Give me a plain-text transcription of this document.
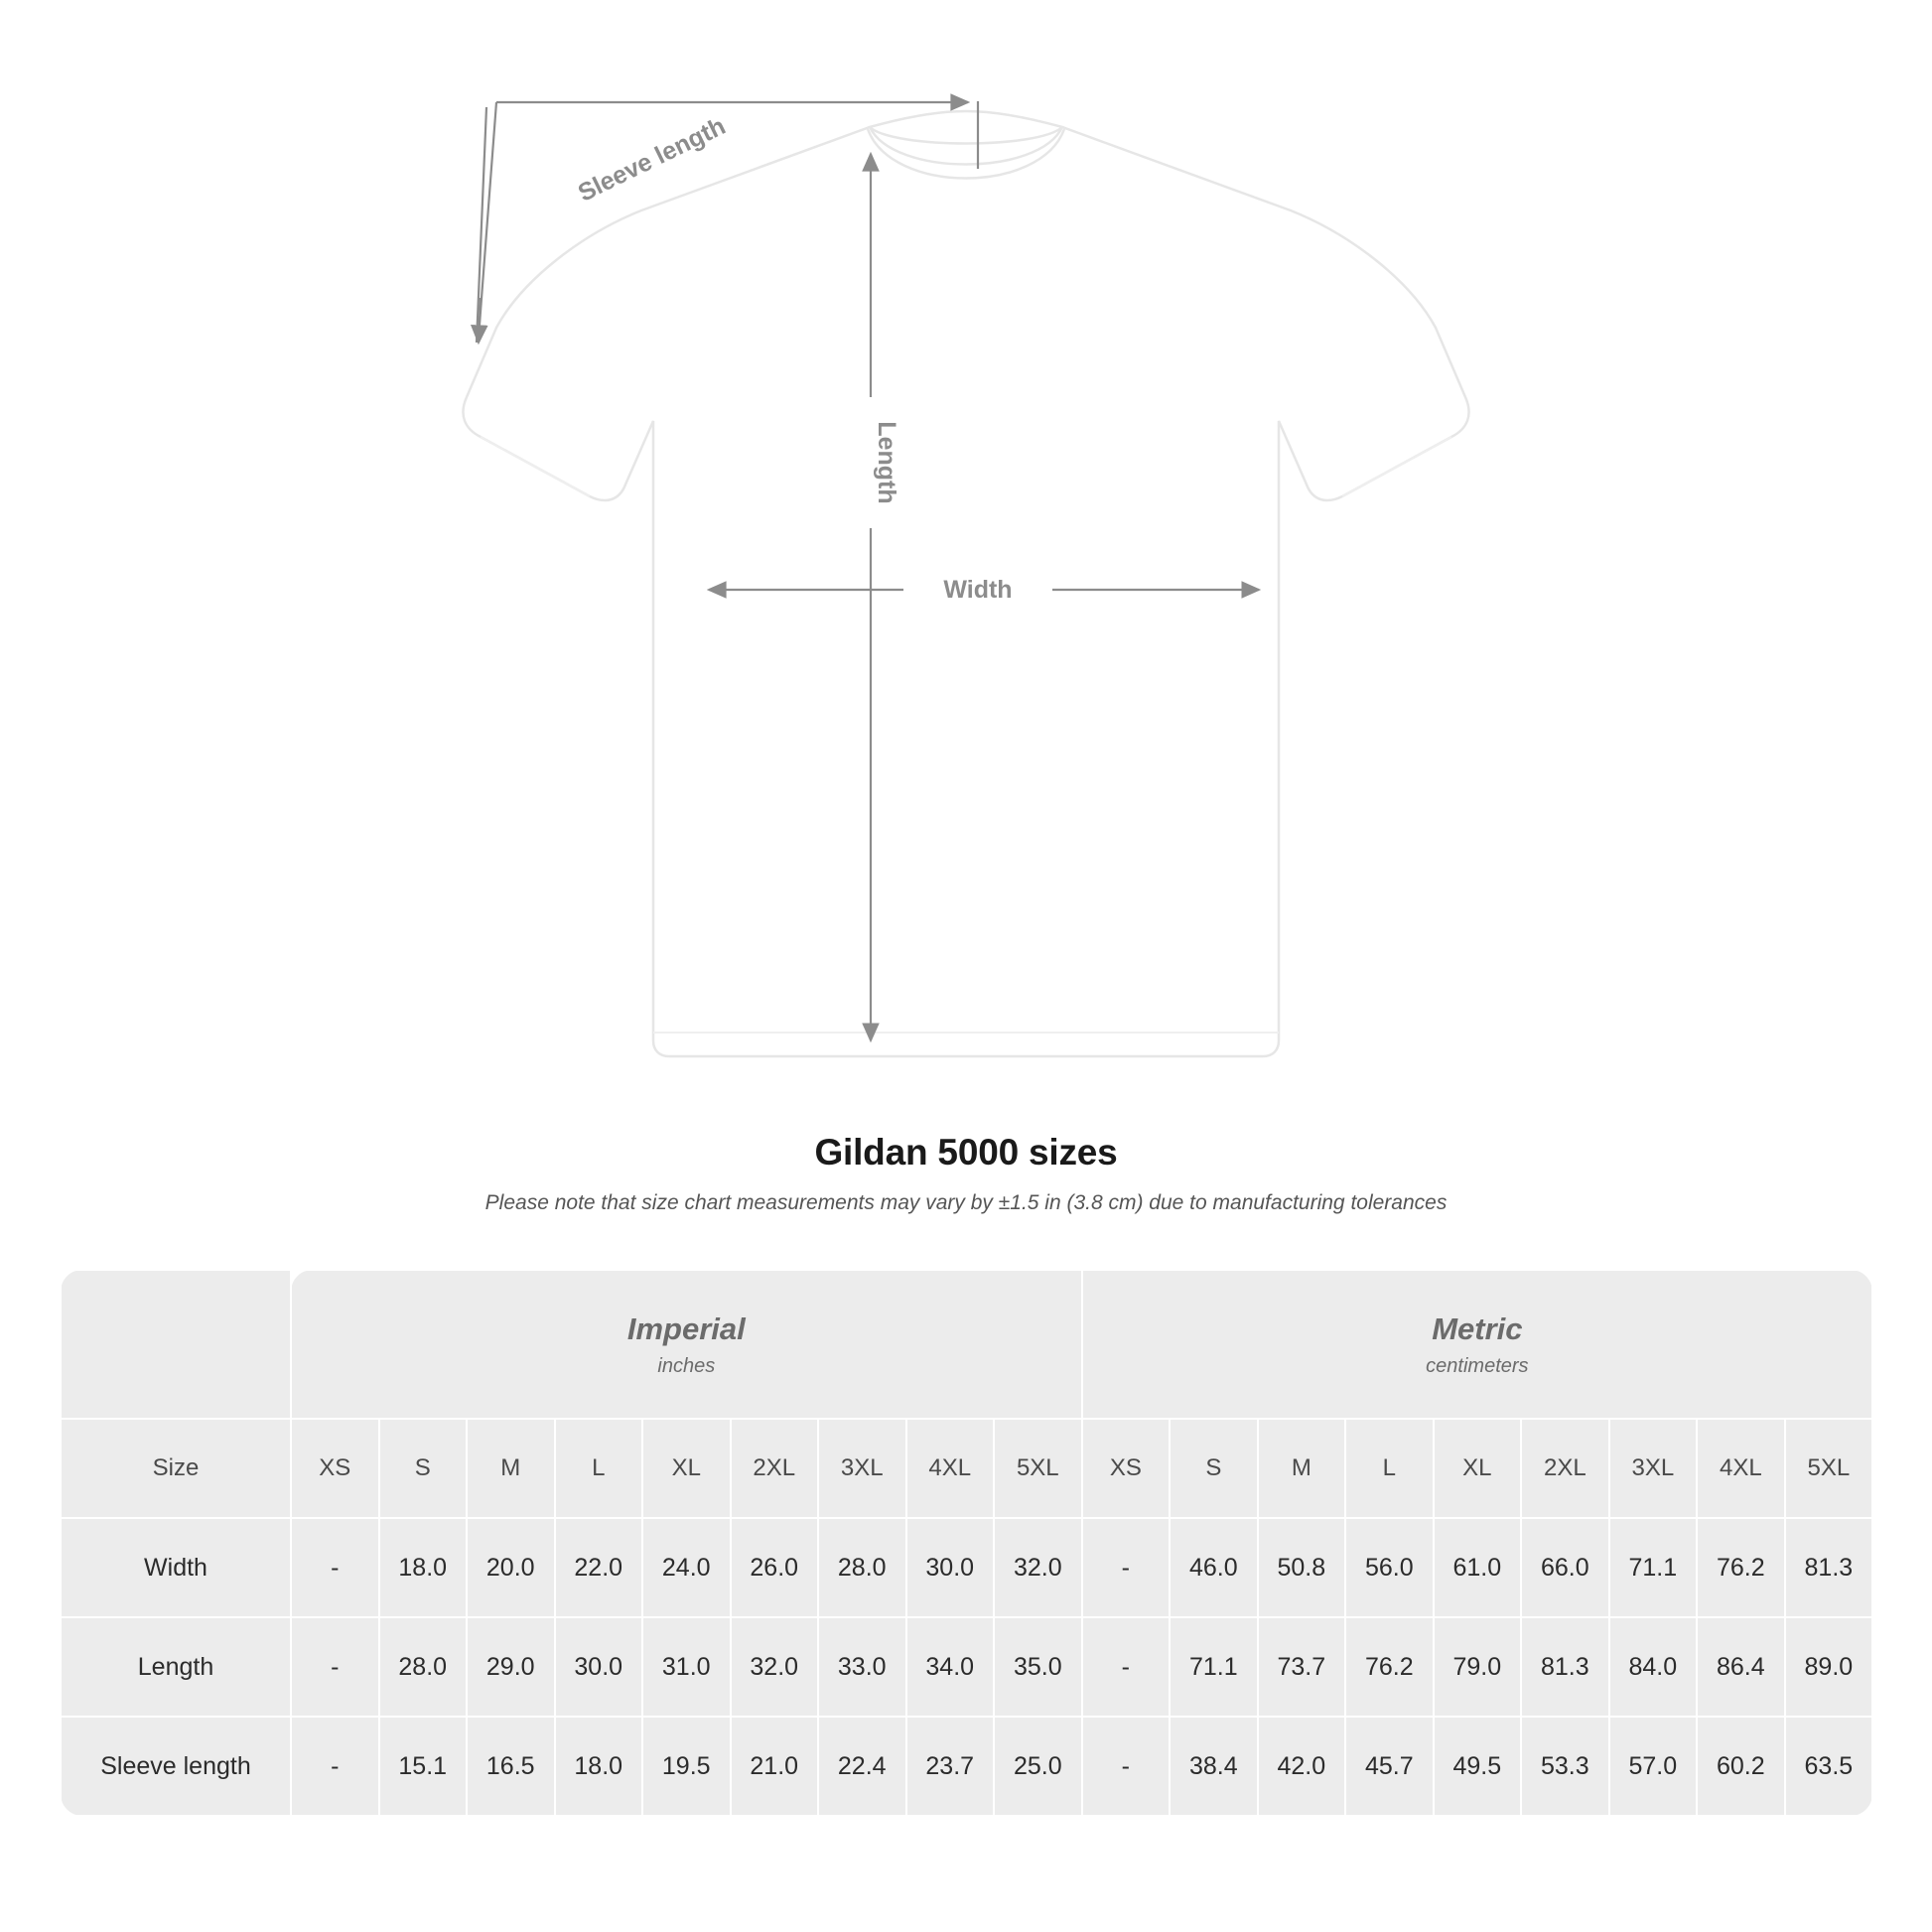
Sleeve length
Length
Width
Gildan 5000 sizes
Please note that size chart measurements may vary by ±1.5 in (3.8 cm) due to manufacturing tolerances

Imperial
inches

Metric
centimeters

Size	XS	S	M	L	XL	2XL	3XL	4XL	5XL	XS	S	M	L	XL	2XL	3XL	4XL	5XL
Width	-	18.0	20.0	22.0	24.0	26.0	28.0	30.0	32.0	-	46.0	50.8	56.0	61.0	66.0	71.1	76.2	81.3
Length	-	28.0	29.0	30.0	31.0	32.0	33.0	34.0	35.0	-	71.1	73.7	76.2	79.0	81.3	84.0	86.4	89.0
Sleeve length	-	15.1	16.5	18.0	19.5	21.0	22.4	23.7	25.0	-	38.4	42.0	45.7	49.5	53.3	57.0	60.2	63.5
